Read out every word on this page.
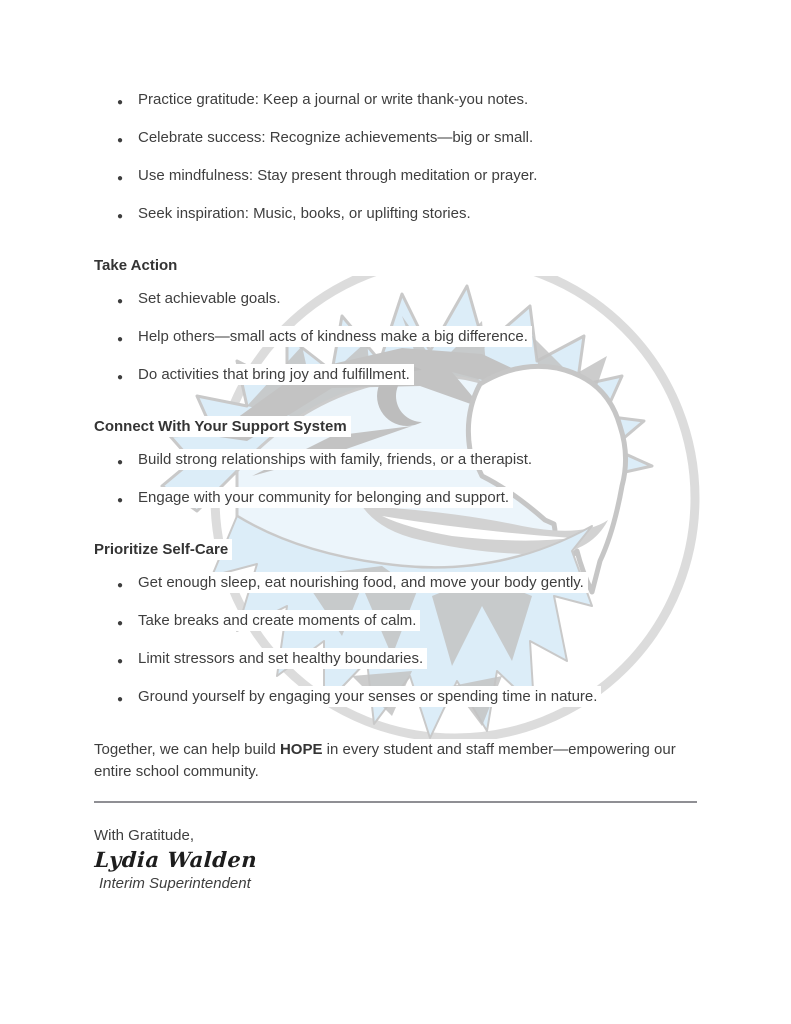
● Practice gratitude: Keep a journal or write thank-you notes.
● Celebrate success: Recognize achievements—big or small.
● Use mindfulness: Stay present through meditation or prayer.
● Seek inspiration: Music, books, or uplifting stories.
Take Action
● Set achievable goals.
● Help others—small acts of kindness make a big difference.
● Do activities that bring joy and fulfillment.
Connect With Your Support System
● Build strong relationships with family, friends, or a therapist.
● Engage with your community for belonging and support.
Prioritize Self-Care
● Get enough sleep, eat nourishing food, and move your body gently.
● Take breaks and create moments of calm.
● Limit stressors and set healthy boundaries.
● Ground yourself by engaging your senses or spending time in nature.

Together, we can help build HOPE in every student and staff member—empowering our entire school community.

With Gratitude,
Lydia Walden
Interim Superintendent
